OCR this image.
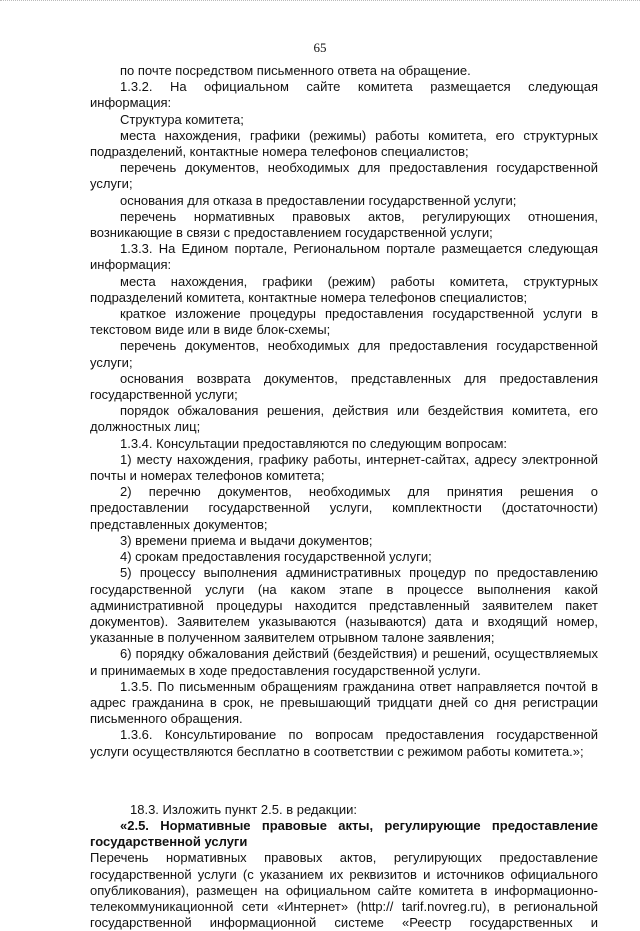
65

по почте посредством письменного ответа на обращение.

1.3.2. На официальном сайте комитета размещается следующая

информация:

Структура комитета;

места нахождения, графики (режимы) работы комитета, его структурных

подразделений, контактные номера телефонов специалистов;

перечень документов, необходимых для предоставления государственной

услуги;

основания для отказа в предоставлении государственной услуги;

перечень нормативных правовых актов, регулирующих отношения,

возникающие в связи с предоставлением государственной услуги;

1.3.3. На Едином портале, Региональном портале размещается следующая

информация:

места нахождения, графики (режим) работы комитета, структурных

подразделений комитета, контактные номера телефонов специалистов;

краткое изложение процедуры предоставления государственной услуги в

текстовом виде или в виде блок-схемы;

перечень документов, необходимых для предоставления государственной

услуги;

основания возврата документов, представленных для предоставления

государственной услуги;

порядок обжалования решения, действия или бездействия комитета, его

должностных лиц;

1.3.4. Консультации предоставляются по следующим вопросам:

1) месту нахождения, графику работы, интернет-сайтах, адресу электронной

почты и номерах телефонов комитета;

2) перечню документов, необходимых для принятия решения о

предоставлении государственной услуги, комплектности (достаточности)

представленных документов;

3) времени приема и выдачи документов;

4) срокам предоставления государственной услуги;

5) процессу выполнения административных процедур по предоставлению

государственной услуги (на каком этапе в процессе выполнения какой

административной процедуры находится представленный заявителем пакет

документов). Заявителем указываются (называются) дата и входящий номер,

указанные в полученном заявителем отрывном талоне заявления;

6) порядку обжалования действий (бездействия) и решений, осуществляемых

и принимаемых в ходе предоставления государственной услуги.

1.3.5. По письменным обращениям гражданина ответ направляется почтой в

адрес гражданина в срок, не превышающий тридцати дней со дня регистрации

письменного обращения.

1.3.6. Консультирование по вопросам предоставления государственной

услуги осуществляются бесплатно в соответствии с режимом работы комитета.»;

18.3. Изложить пункт 2.5. в редакции:

«2.5. Нормативные правовые акты, регулирующие предоставление

государственной услуги

Перечень нормативных правовых актов, регулирующих предоставление

государственной услуги (с указанием их реквизитов и источников официального

опубликования), размещен на официальном сайте комитета в информационно-

телекоммуникационной сети «Интернет» (http:// tarif.novreg.ru), в региональной

государственной информационной системе «Реестр государственных и
